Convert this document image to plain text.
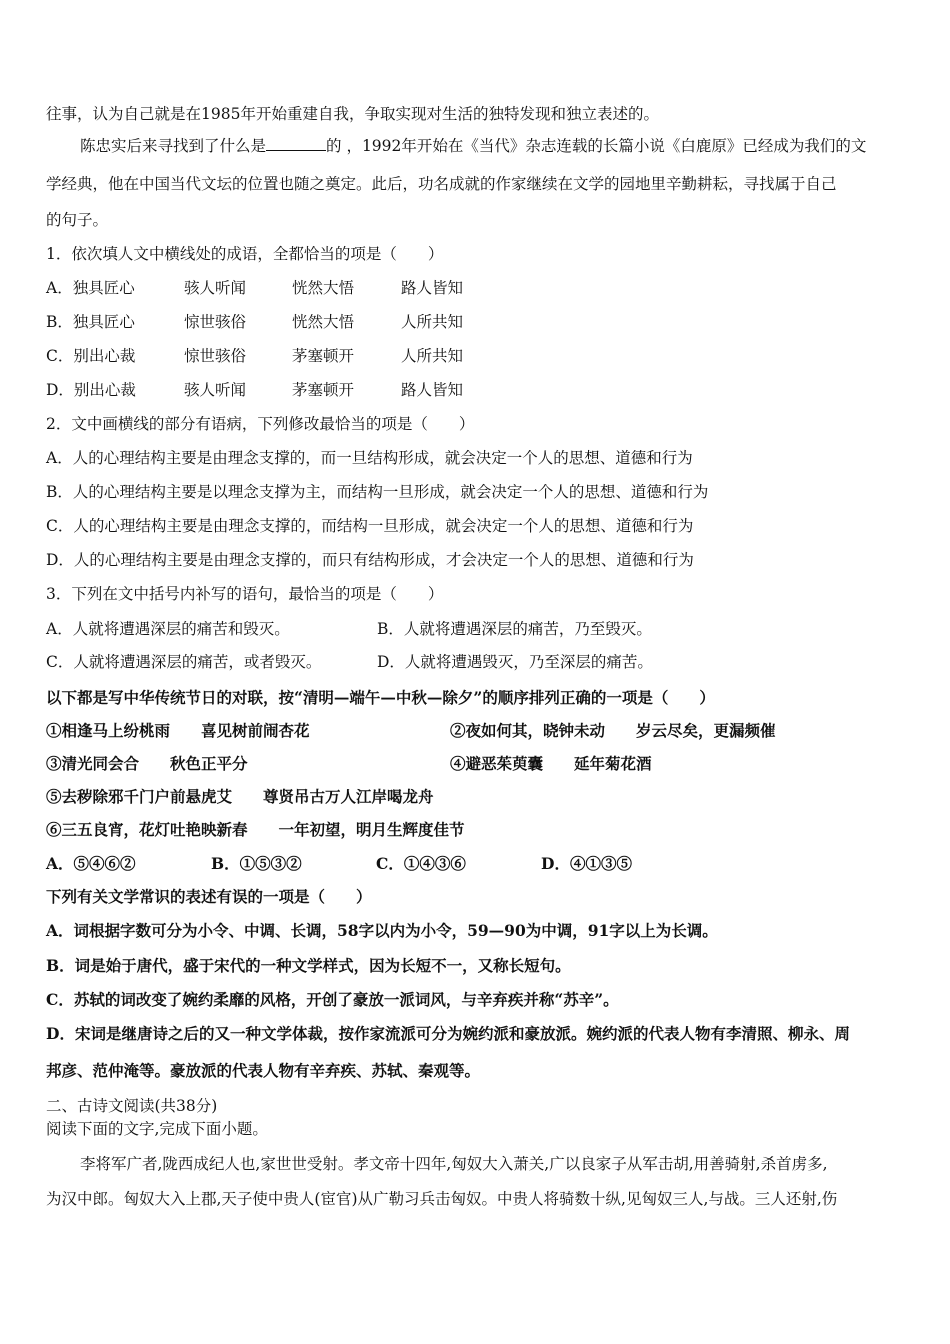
往事，认为自己就是在1985年开始重建自我，争取实现对生活的独特发现和独立表述的。
陈忠实后来寻找到了什么是	的 ，1992年开始在《当代》杂志连载的长篇小说《白鹿原》已经成为我们的文
学经典，他在中国当代文坛的位置也随之奠定。此后，功名成就的作家继续在文学的园地里辛勤耕耘，寻找属于自己
的句子。
1．依次填人文中横线处的成语，全都恰当的项是（　　）
A．独具匠心	骇人听闻	恍然大悟	路人皆知
B．独具匠心	惊世骇俗	恍然大悟	人所共知
C．别出心裁	惊世骇俗	茅塞顿开	人所共知
D．别出心裁	骇人听闻	茅塞顿开	路人皆知
2．文中画横线的部分有语病，下列修改最恰当的项是（　　）
A．人的心理结构主要是由理念支撑的，而一旦结构形成，就会决定一个人的思想、道德和行为
B．人的心理结构主要是以理念支撑为主，而结构一旦形成，就会决定一个人的思想、道德和行为
C．人的心理结构主要是由理念支撑的，而结构一旦形成，就会决定一个人的思想、道德和行为
D．人的心理结构主要是由理念支撑的，而只有结构形成，才会决定一个人的思想、道德和行为
3．下列在文中括号内补写的语句，最恰当的项是（　　）
A．人就将遭遇深层的痛苦和毁灭。	B．人就将遭遇深层的痛苦，乃至毁灭。
C．人就将遭遇深层的痛苦，或者毁灭。	D．人就将遭遇毁灭，乃至深层的痛苦。
以下都是写中华传统节日的对联，按“清明—端午—中秋—除夕”的顺序排列正确的一项是（　　）
①相逢马上纷桃雨　　喜见树前闹杏花	②夜如何其，晓钟未动　　岁云尽矣，更漏频催
③清光同会合　　秋色正平分	④避恶茱萸囊　　延年菊花酒
⑤去秽除邪千门户前悬虎艾　　尊贤吊古万人江岸喝龙舟
⑥三五良宵，花灯吐艳映新春　　一年初望，明月生辉度佳节
A．⑤④⑥②	B．①⑤③②	C．①④③⑥	D．④①③⑤
下列有关文学常识的表述有误的一项是（　　）
A．词根据字数可分为小令、中调、长调，58字以内为小令，59—90为中调，91字以上为长调。
B．词是始于唐代，盛于宋代的一种文学样式，因为长短不一，又称长短句。
C．苏轼的词改变了婉约柔靡的风格，开创了豪放一派词风，与辛弃疾并称“苏辛”。
D．宋词是继唐诗之后的又一种文学体裁，按作家流派可分为婉约派和豪放派。婉约派的代表人物有李清照、柳永、周
邦彦、范仲淹等。豪放派的代表人物有辛弃疾、苏轼、秦观等。
二、古诗文阅读(共38分)
阅读下面的文字,完成下面小题。
李将军广者,陇西成纪人也,家世世受射。孝文帝十四年,匈奴大入萧关,广以良家子从军击胡,用善骑射,杀首虏多,
为汉中郎。匈奴大入上郡,天子使中贵人(宦官)从广勒习兵击匈奴。中贵人将骑数十纵,见匈奴三人,与战。三人还射,伤
